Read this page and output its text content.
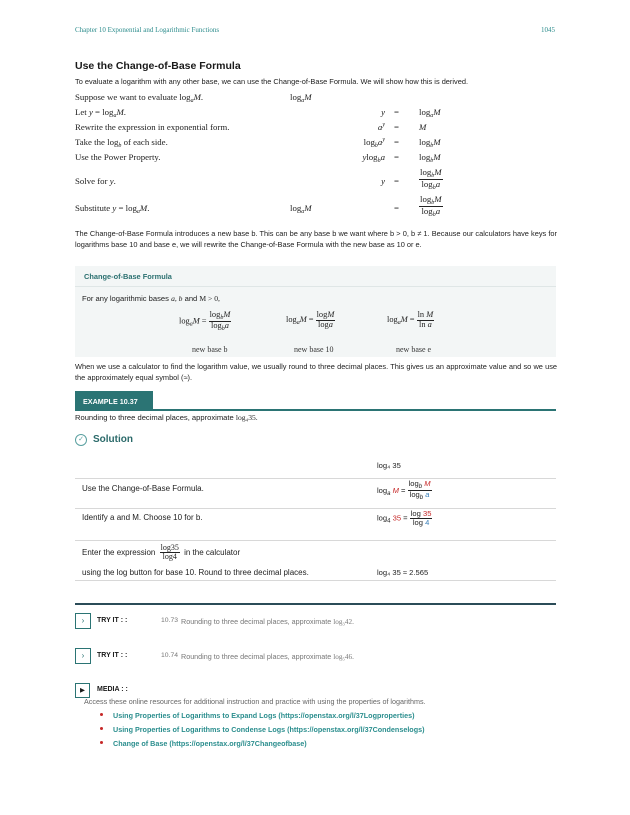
Chapter 10 Exponential and Logarithmic Functions	1045
Use the Change-of-Base Formula
To evaluate a logarithm with any other base, we can use the Change-of-Base Formula. We will show how this is derived.
Suppose we want to evaluate $\log_aM$.	$\log_aM$
Let $y = \log_aM$.	$y = \log_aM$
Rewrite the expression in exponential form.	$a^y = M$
Take the $\log_b$ of each side.	$\log_ba^y = \log_bM$
Use the Power Property.	$ylog_ba = \log_bM$
Solve for y.	$y = \frac{\log_bM}{\log_ba}$
Substitute $y = \log_aM$.	$\log_aM$	= $\frac{\log_bM}{\log_ba}$
The Change-of-Base Formula introduces a new base b. This can be any base b we want where b > 0, b ≠ 1. Because our calculators have keys for logarithms base 10 and base e, we will rewrite the Change-of-Base Formula with the new base as 10 or e.
Change-of-Base Formula
For any logarithmic bases a, b and M > 0,
$\log_aM = \frac{\log_bM}{\log_ba}$	$\log_aM = \frac{\log M}{\log a}$	$\log_aM = \frac{\text{ln M}}{\text{ln a}}$
new base b	new base 10	new base e
When we use a calculator to find the logarithm value, we usually round to three decimal places. This gives us an approximate value and so we use the approximately equal symbol (≈).
EXAMPLE 10.37
Rounding to three decimal places, approximate log₄35.
✓ Solution
log₄ 35
Use the Change-of-Base Formula.	$\log_a M = \frac{\log_b M}{\log_b a}$
Identify a and M. Choose 10 for b.	$\log_4 35 = \frac{\log 35}{\log 4}$
Enter the expression $\frac{\log 35}{\log 4}$ in the calculator
using the log button for base 10. Round to three decimal places.	log₄ 35 ≈ 2.565
›	TRY IT : :	10.73 Rounding to three decimal places, approximate log₃42.
›	TRY IT : :	10.74 Rounding to three decimal places, approximate log₅46.
▶	MEDIA : :
Access these online resources for additional instruction and practice with using the properties of logarithms.
Using Properties of Logarithms to Expand Logs (https://openstax.org/l/37Logproperties)
Using Properties of Logarithms to Condense Logs (https://openstax.org/l/37Condenselogs)
Change of Base (https://openstax.org/l/37Changeofbase)
